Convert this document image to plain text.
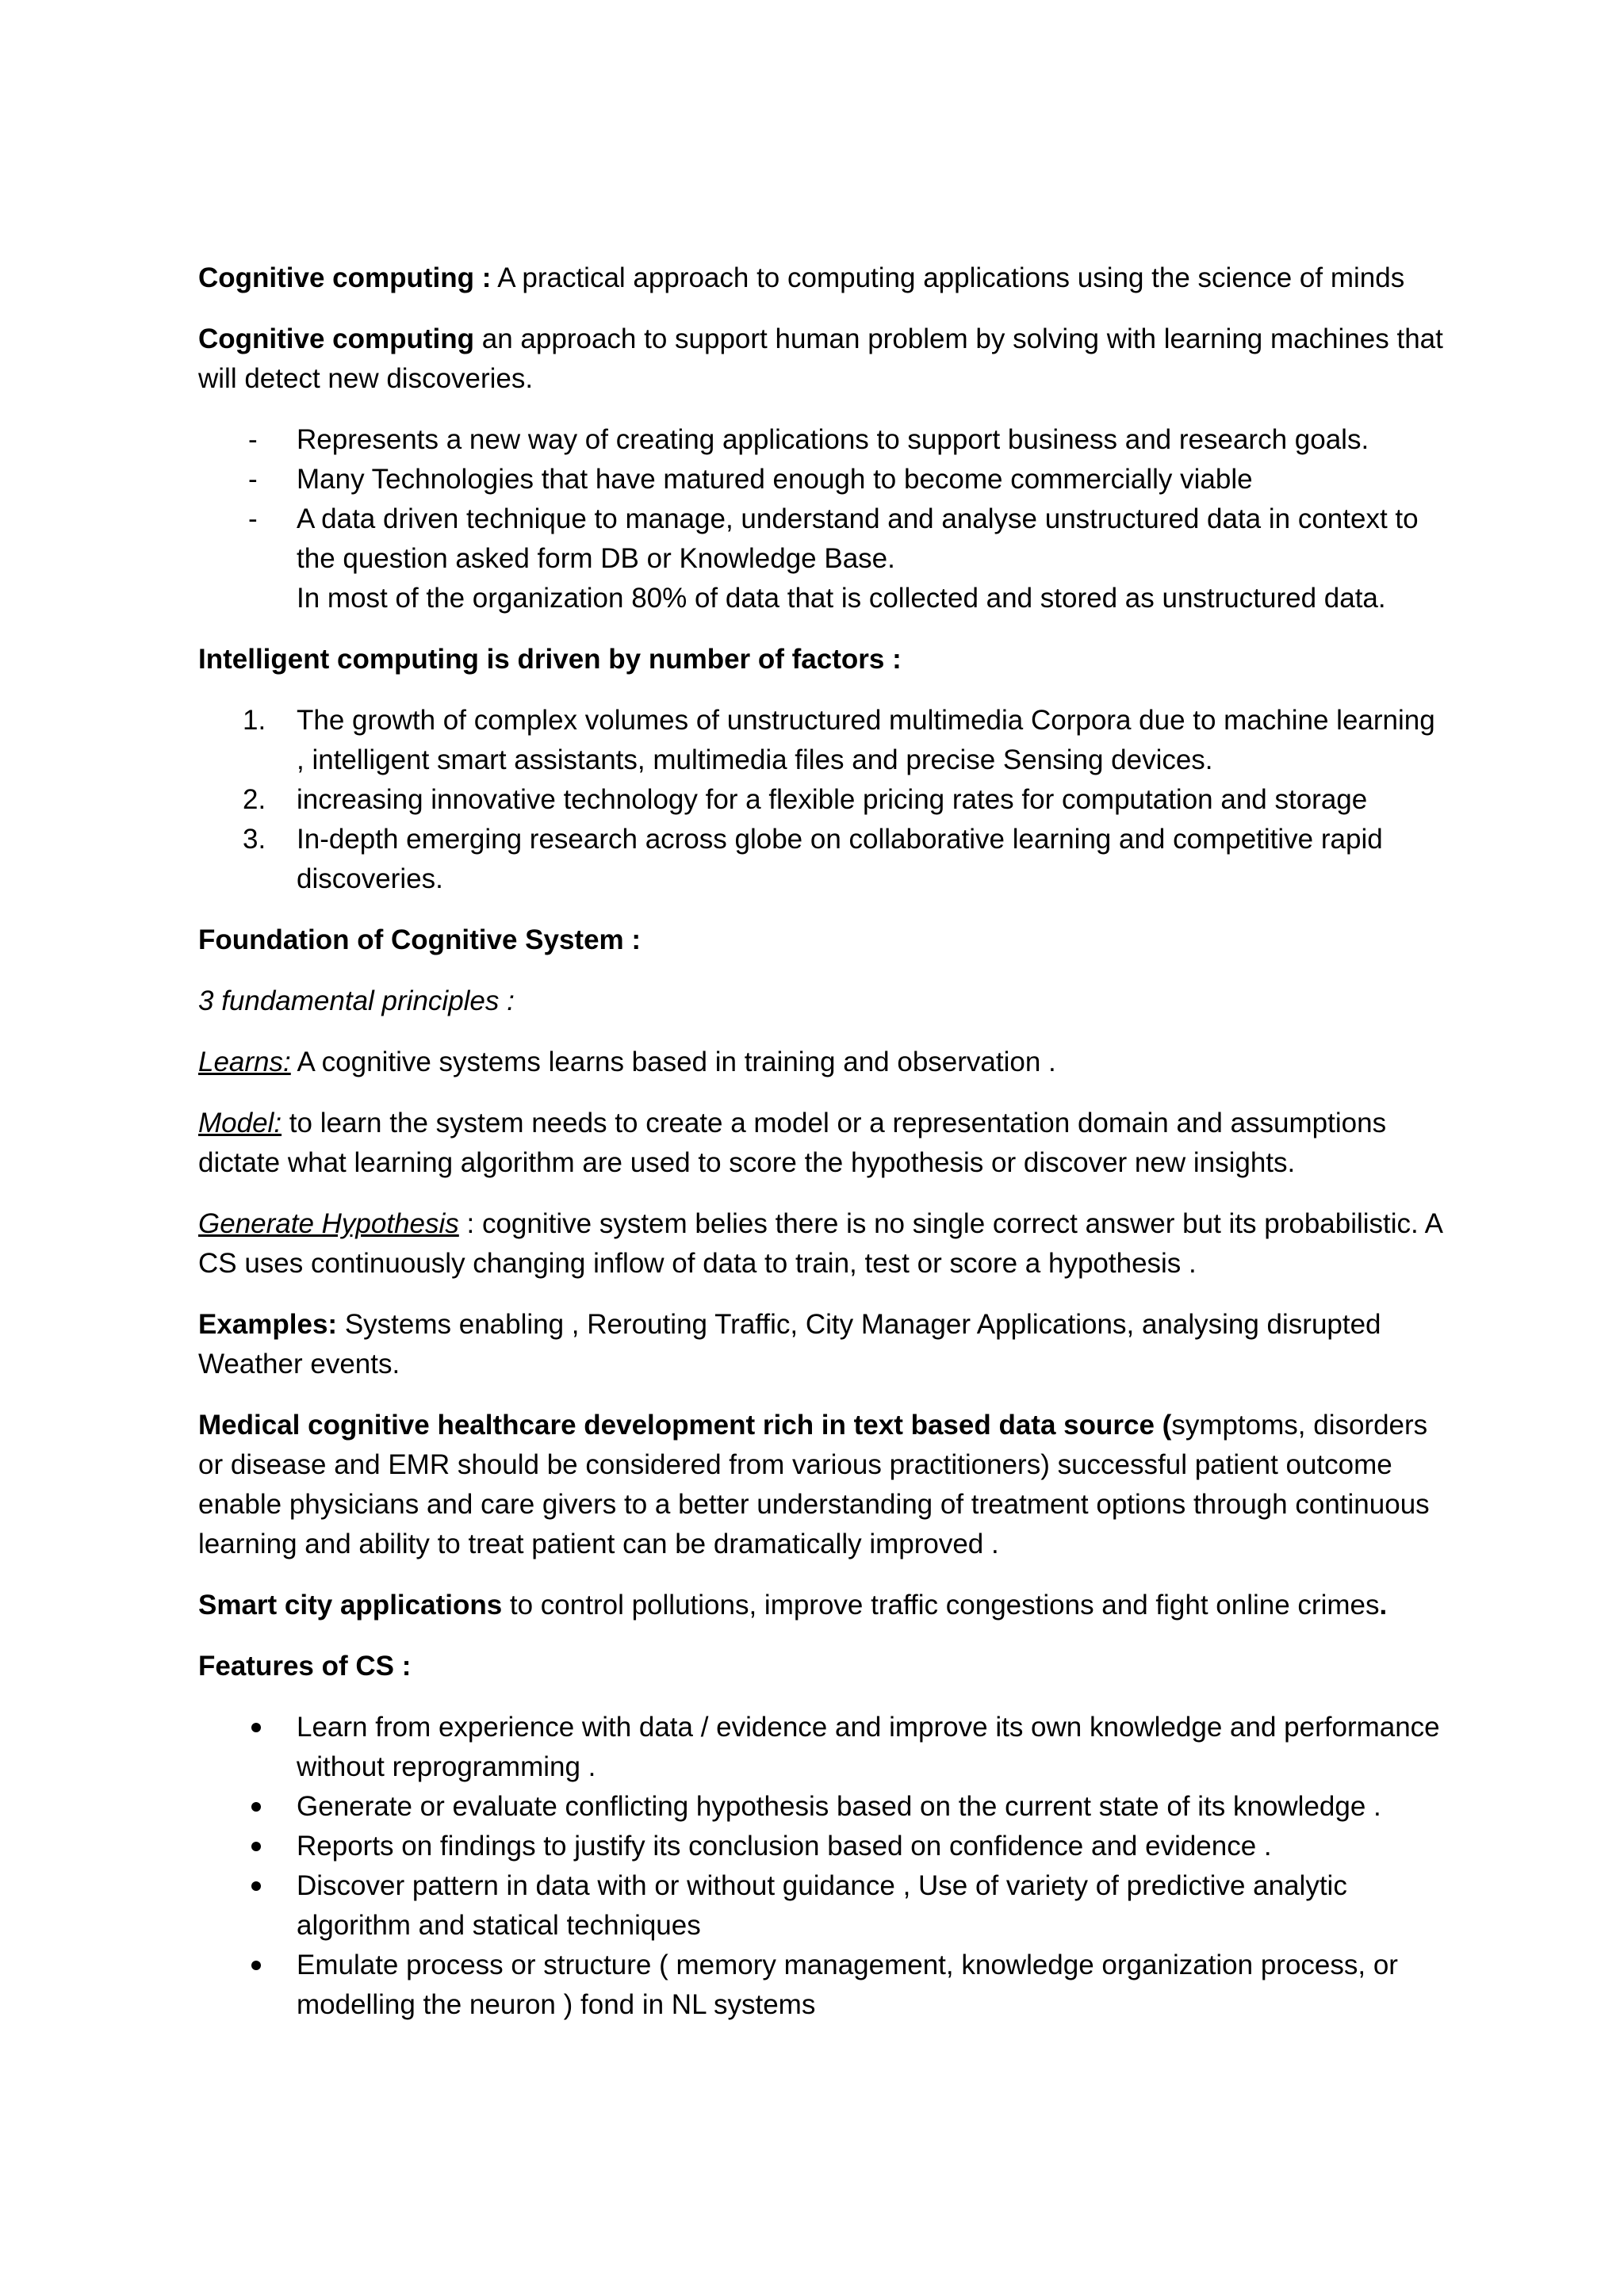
Cognitive computing : A practical approach to computing applications using the science of minds

Cognitive computing an approach to support human problem by solving with learning machines that will detect new discoveries.

- Represents a new way of creating applications to support business and research goals.
- Many Technologies that have matured enough to become commercially viable
- A data driven technique to manage, understand and analyse unstructured data in context to the question asked form DB or Knowledge Base.
In most of the organization 80% of data that is collected and stored as unstructured data.

Intelligent computing is driven by number of factors :

1. The growth of complex volumes of unstructured multimedia Corpora due to machine learning , intelligent smart assistants, multimedia files and precise Sensing devices.
2. increasing innovative technology for a flexible pricing rates for computation and storage
3. In-depth emerging research across globe on collaborative learning and competitive rapid discoveries.

Foundation of Cognitive System :

3 fundamental principles :

Learns: A cognitive systems learns based in training and observation .

Model: to learn the system needs to create a model or a representation domain and assumptions dictate what learning algorithm are used to score the hypothesis or discover new insights.

Generate Hypothesis : cognitive system belies there is no single correct answer but its probabilistic. A CS uses continuously changing inflow of data to train, test or score a hypothesis .

Examples: Systems enabling , Rerouting Traffic, City Manager Applications, analysing disrupted Weather events.

Medical cognitive healthcare development rich in text based data source (symptoms, disorders or disease and EMR should be considered from various practitioners) successful patient outcome enable physicians and care givers to a better understanding of treatment options through continuous learning and ability to treat patient can be dramatically improved .

Smart city applications to control pollutions, improve traffic congestions and fight online crimes.

Features of CS :

Learn from experience with data / evidence and improve its own knowledge and performance without reprogramming .
Generate or evaluate conflicting hypothesis based on the current state of its knowledge .
Reports on findings to justify its conclusion based on confidence and evidence .
Discover pattern in data with or without guidance , Use of variety of predictive analytic algorithm and statical techniques
Emulate process or structure ( memory management, knowledge organization process, or modelling the neuron ) fond in NL systems
